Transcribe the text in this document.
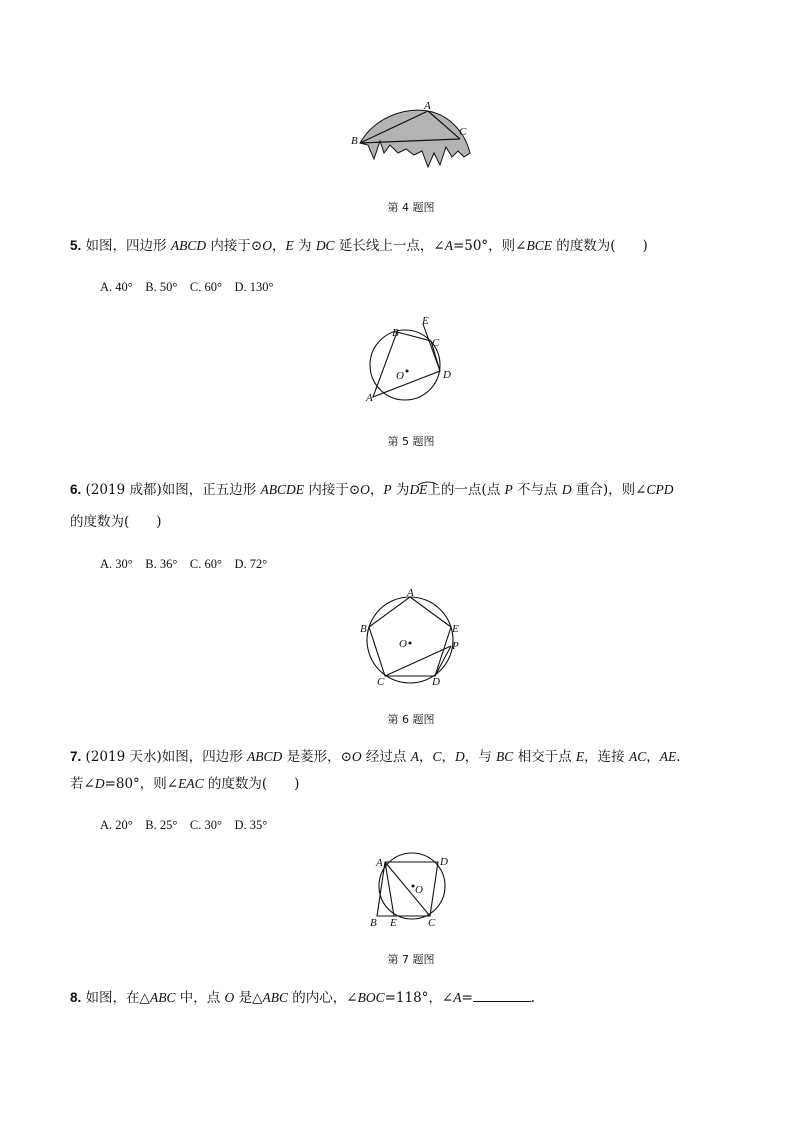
A
B
C
第 4 题图
5. 如图，四边形 ABCD 内接于⊙O，E 为 DC 延长线上一点，∠A=50°，则∠BCE 的度数为(　　)
A. 40°　B. 50°　C. 60°　D. 130°
B
E
C
O	D
A
第 5 题图
6. (2019 成都)如图，正五边形 ABCDE 内接于⊙O，P 为DE上的一点(点 P 不与点 D 重合)，则∠CPD
的度数为(　　)
A. 30°　B. 36°　C. 60°　D. 72°
A
B	E
P
O
C	D
第 6 题图
7. (2019 天水)如图，四边形 ABCD 是菱形，⊙O 经过点 A，C，D，与 BC 相交于点 E，连接 AC，AE.
若∠D=80°，则∠EAC 的度数为(　　)
A. 20°　B. 25°　C. 30°　D. 35°
A	D
O
B E	C
第 7 题图
8. 如图，在△ABC 中，点 O 是△ABC 的内心，∠BOC=118°，∠A=	.
